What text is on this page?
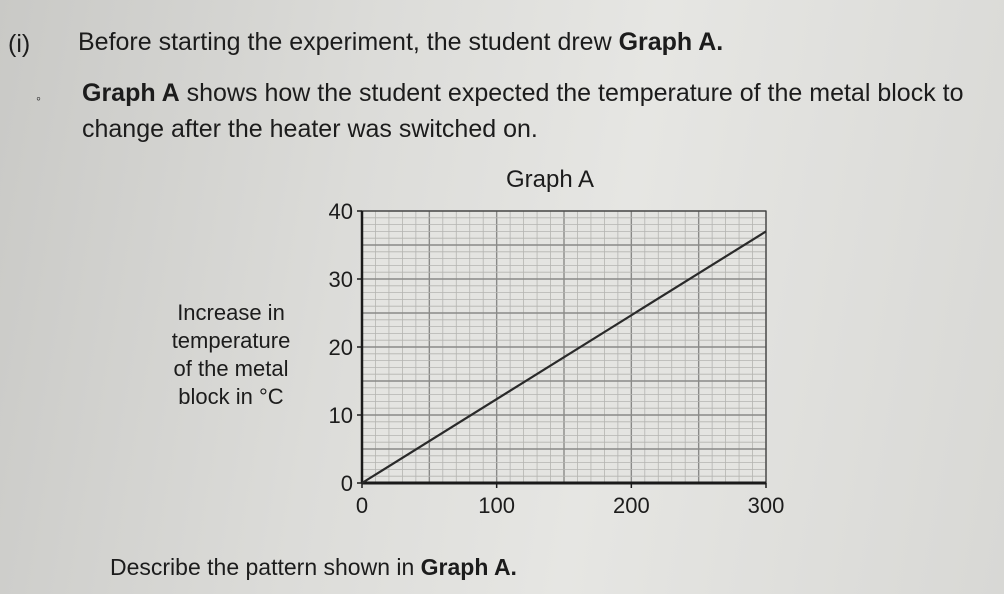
(i) Before starting the experiment, the student drew Graph A.
◦ Graph A shows how the student expected the temperature of the metal block to change after the heater was switched on.
Graph A
Increase in
temperature
of the metal
block in °C
0
10
20
30
40
0	100	200	300
Describe the pattern shown in Graph A.
